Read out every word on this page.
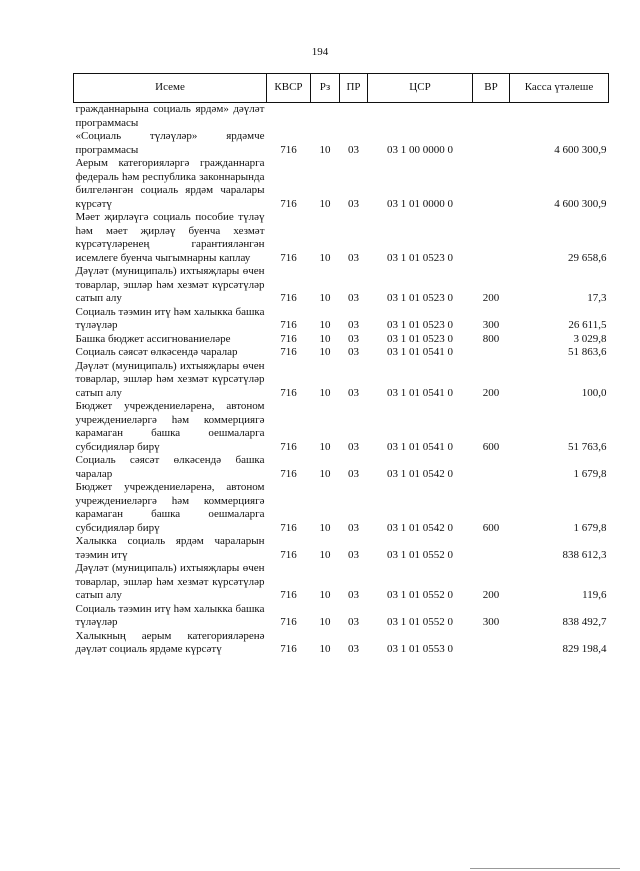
194
Исеме	КВСР	Рз	ПР	ЦСР	ВР	Касса үтәлеше
гражданнарына социаль ярдәм» дәүләт программасы						
«Социаль түләүләр» ярдәмче программасы	716	10	03	03 1 00 0000 0		4 600 300,9
Аерым категорияләргә гражданнарга федераль һәм республика законнарында билгеләнгән социаль ярдәм чаралары күрсәтү	716	10	03	03 1 01 0000 0		4 600 300,9
Мәет җирләүгә социаль пособие түләү һәм мәет җирләү буенча хезмәт күрсәтүләренең гарантияләнгән исемлеге буенча чыгымнарны каплау	716	10	03	03 1 01 0523 0		29 658,6
Дәүләт (муниципаль) ихтыяҗлары өчен товарлар, эшләр һәм хезмәт күрсәтүләр сатып алу	716	10	03	03 1 01 0523 0	200	17,3
Социаль тәэмин итү һәм халыкка башка түләүләр	716	10	03	03 1 01 0523 0	300	26 611,5
Башка бюджет ассигнованиеләре	716	10	03	03 1 01 0523 0	800	3 029,8
Социаль сәясәт өлкәсендә чаралар	716	10	03	03 1 01 0541 0		51 863,6
Дәүләт (муниципаль) ихтыяҗлары өчен товарлар, эшләр һәм хезмәт күрсәтүләр сатып алу	716	10	03	03 1 01 0541 0	200	100,0
Бюджет учреждениеләренә, автоном учреждениеләргә һәм коммерциягә карамаган башка оешмаларга субсидияләр бирү	716	10	03	03 1 01 0541 0	600	51 763,6
Социаль сәясәт өлкәсендә башка чаралар	716	10	03	03 1 01 0542 0		1 679,8
Бюджет учреждениеләренә, автоном учреждениеләргә һәм коммерциягә карамаган башка оешмаларга субсидияләр бирү	716	10	03	03 1 01 0542 0	600	1 679,8
Халыкка социаль ярдәм чараларын тәэмин итү	716	10	03	03 1 01 0552 0		838 612,3
Дәүләт (муниципаль) ихтыяҗлары өчен товарлар, эшләр һәм хезмәт күрсәтүләр сатып алу	716	10	03	03 1 01 0552 0	200	119,6
Социаль тәэмин итү һәм халыкка башка түләүләр	716	10	03	03 1 01 0552 0	300	838 492,7
Халыкның аерым категорияләренә дәүләт социаль ярдәме күрсәтү	716	10	03	03 1 01 0553 0		829 198,4
